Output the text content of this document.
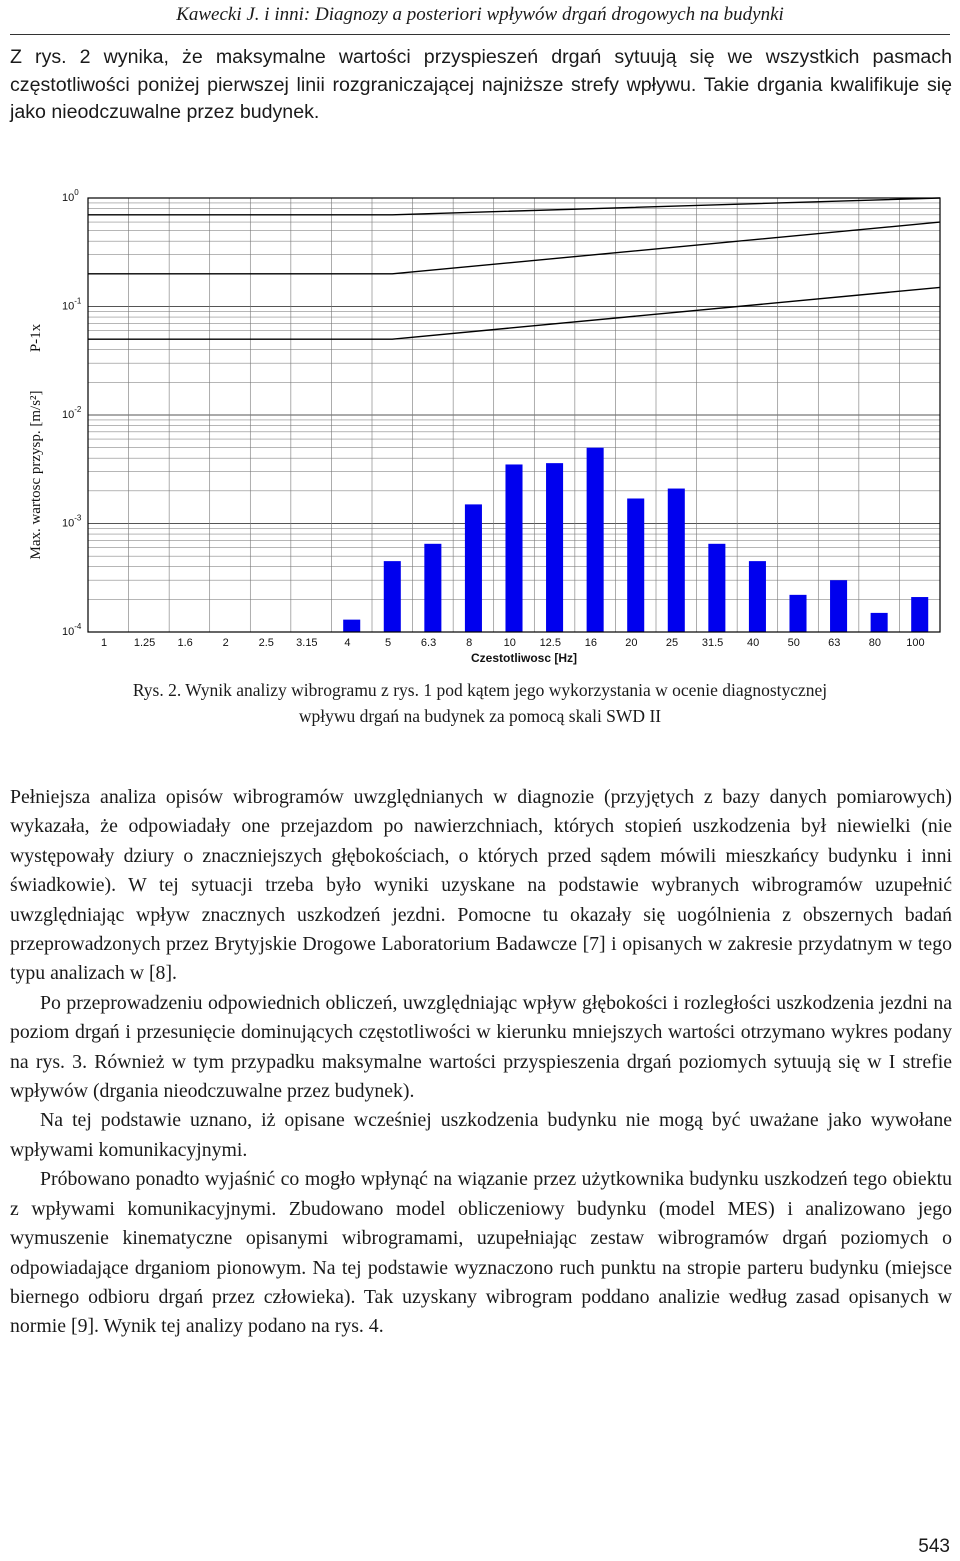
Kawecki J. i inni: Diagnozy a posteriori wpływów drgań drogowych na budynki
Z rys. 2 wynika, że maksymalne wartości przyspieszeń drgań sytuują się we wszystkich pasmach częstotliwości poniżej pierwszej linii rozgraniczającej najniższe strefy wpływu. Takie drgania kwalifikuje się jako nieodczuwalne przez budynek.
$10^{-4}$
$10^{-3}$
$10^{-2}$
$10^{-1}$
$10^0$
1 1.25 1.6	2	2.5 3.15 4	5	6.3	8	10 12.5 16	20	25 31.5 40	50	63	80 100
Czestotliwosc [Hz]
Max. wartosc przysp. [m/s²]
P-1x
Rys. 2. Wynik analizy wibrogramu z rys. 1 pod kątem jego wykorzystania w ocenie diagnostycznej
wpływu drgań na budynek za pomocą skali SWD II

Pełniejsza analiza opisów wibrogramów uwzględnianych w diagnozie (przyjętych z bazy danych pomiarowych) wykazała, że odpowiadały one przejazdom po nawierzchniach, których stopień uszkodzenia był niewielki (nie występowały dziury o znaczniejszych głębokościach, o których przed sądem mówili mieszkańcy budynku i inni świadkowie). W tej sytuacji trzeba było wyniki uzyskane na podstawie wybranych wibrogramów uzupełnić uwzględniając wpływ znacznych uszkodzeń jezdni. Pomocne tu okazały się uogólnienia z obszernych badań przeprowadzonych przez Brytyjskie Drogowe Laboratorium Badawcze [7] i opisanych w zakresie przydatnym w tego typu analizach w [8].

Po przeprowadzeniu odpowiednich obliczeń, uwzględniając wpływ głębokości i rozległości uszkodzenia jezdni na poziom drgań i przesunięcie dominujących częstotliwości w kierunku mniejszych wartości otrzymano wykres podany na rys. 3. Również w tym przypadku maksymalne wartości przyspieszenia drgań poziomych sytuują się w I strefie wpływów (drgania nieodczuwalne przez budynek).

Na tej podstawie uznano, iż opisane wcześniej uszkodzenia budynku nie mogą być uważane jako wywołane wpływami komunikacyjnymi.

Próbowano ponadto wyjaśnić co mogło wpłynąć na wiązanie przez użytkownika budynku uszkodzeń tego obiektu z wpływami komunikacyjnymi. Zbudowano model obliczeniowy budynku (model MES) i analizowano jego wymuszenie kinematyczne opisanymi wibrogramami, uzupełniając zestaw wibrogramów drgań poziomych o odpowiadające drganiom pionowym. Na tej podstawie wyznaczono ruch punktu na stropie parteru budynku (miejsce biernego odbioru drgań przez człowieka). Tak uzyskany wibrogram poddano analizie według zasad opisanych w normie [9]. Wynik tej analizy podano na rys. 4.

543
